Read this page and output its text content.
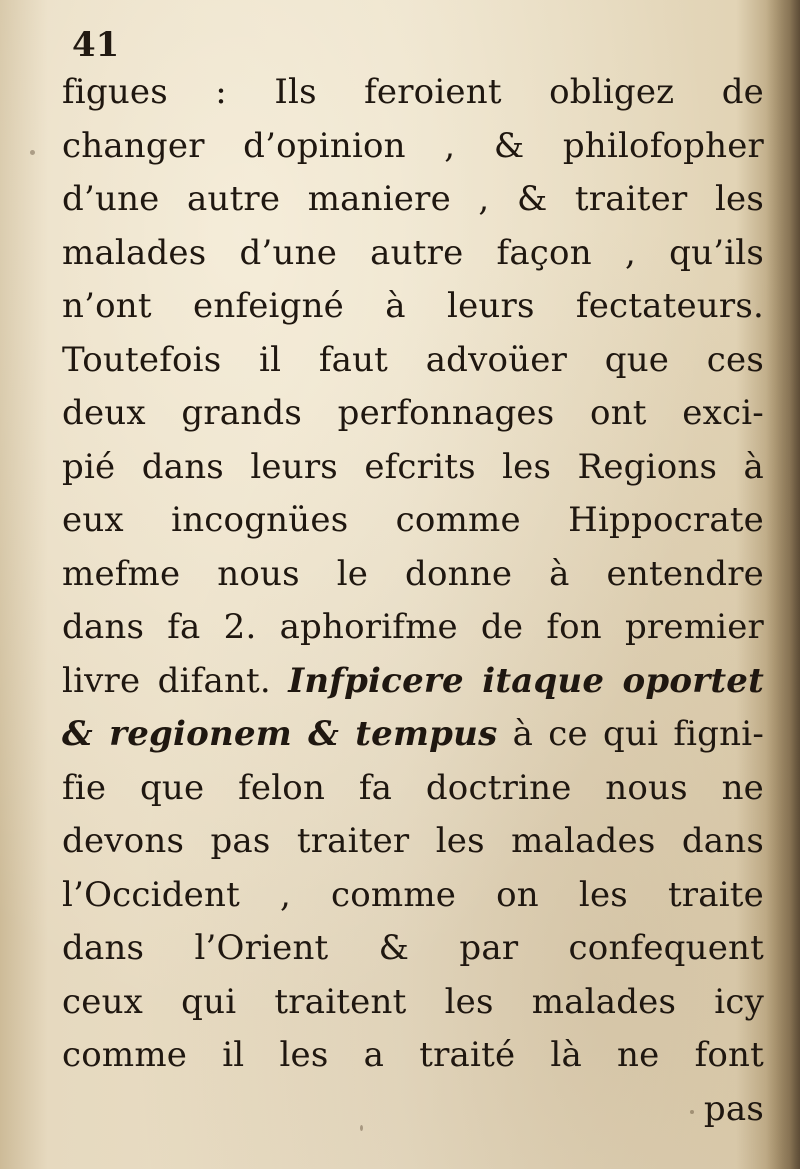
41
figues : Ils feroient obligez de
changer d’opinion , & philofopher
d’une autre maniere , & traiter les
malades d’une autre façon , qu’ils
n’ont enfeigné à leurs fectateurs.
Toutefois il faut advoüer que ces
deux grands perfonnages ont exci-
pié dans leurs efcrits les Regions à
eux incognües comme Hippocrate
mefme nous le donne à entendre
dans fa 2. aphorifme de fon premier
livre difant. Infpicere itaque oportet
& regionem & tempus à ce qui figni-
fie que felon fa doctrine nous ne
devons pas traiter les malades dans
l’Occident , comme on les traite
dans l’Orient & par confequent
ceux qui traitent les malades icy
comme il les a traité là ne font
pas
